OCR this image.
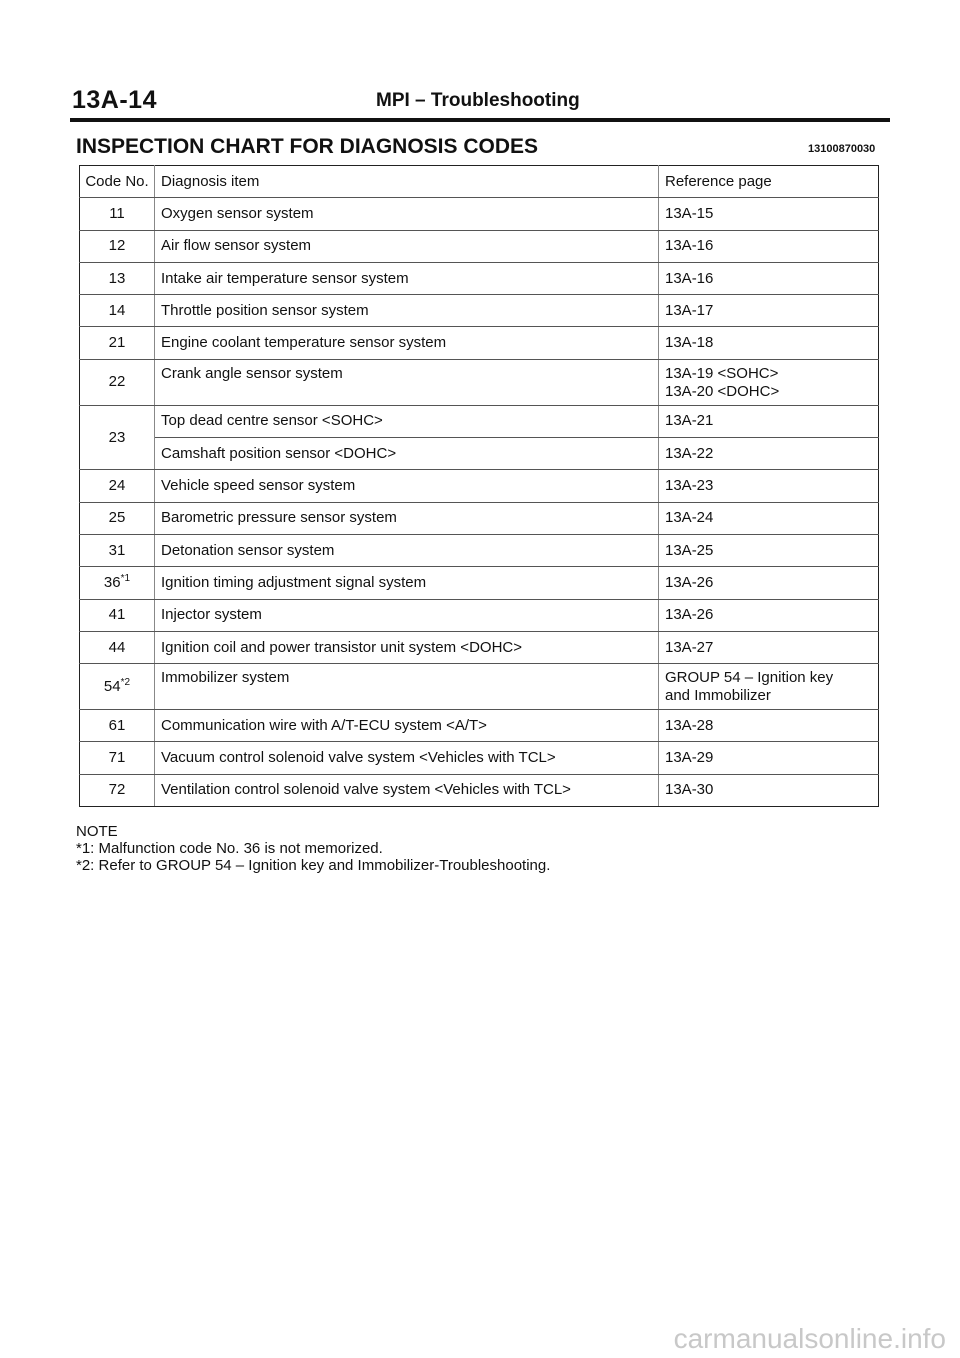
13A-14	MPI – Troubleshooting
INSPECTION CHART FOR DIAGNOSIS CODES	13100870030
Code No.	Diagnosis item	Reference page
11	Oxygen sensor system	13A-15
12	Air flow sensor system	13A-16
13	Intake air temperature sensor system	13A-16
14	Throttle position sensor system	13A-17
21	Engine coolant temperature sensor system	13A-18
22	Crank angle sensor system	13A-19 <SOHC>
13A-20 <DOHC>

23	Top dead centre sensor <SOHC>	13A-21
	Camshaft position sensor <DOHC>	13A-22
24	Vehicle speed sensor system	13A-23
25	Barometric pressure sensor system	13A-24
31	Detonation sensor system	13A-25
36$^{*1}$	Ignition timing adjustment signal system	13A-26
41	Injector system	13A-26
44	Ignition coil and power transistor unit system <DOHC>	13A-27
54$^{*2}$	Immobilizer system	GROUP 54 – Ignition key
and Immobilizer

61	Communication wire with A/T-ECU system <A/T>	13A-28
71	Vacuum control solenoid valve system <Vehicles with TCL>	13A-29
72	Ventilation control solenoid valve system <Vehicles with TCL>	13A-30
NOTE
*1: Malfunction code No. 36 is not memorized.
*2: Refer to GROUP 54 – Ignition key and Immobilizer-Troubleshooting.
carmanualsonline.info
